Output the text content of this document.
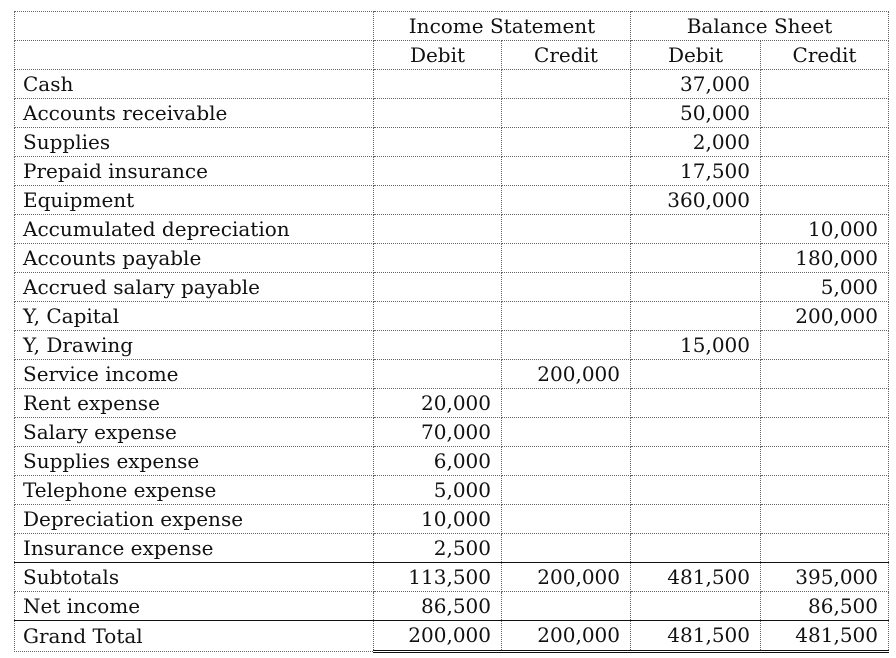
	Income Statement		Balance Sheet	
	Debit	Credit	Debit	Credit
Cash			37,000	
Accounts receivable			50,000	
Supplies			2,000	
Prepaid insurance			17,500	
Equipment			360,000	
Accumulated depreciation				10,000
Accounts payable				180,000
Accrued salary payable				5,000
Y, Capital				200,000
Y, Drawing			15,000	
Service income		200,000		
Rent expense	20,000			
Salary expense	70,000			
Supplies expense	6,000			
Telephone expense	5,000			
Depreciation expense	10,000			
Insurance expense	2,500			
Subtotals	113,500	200,000	481,500	395,000
Net income	86,500			86,500
Grand Total	200,000	200,000	481,500	481,500
